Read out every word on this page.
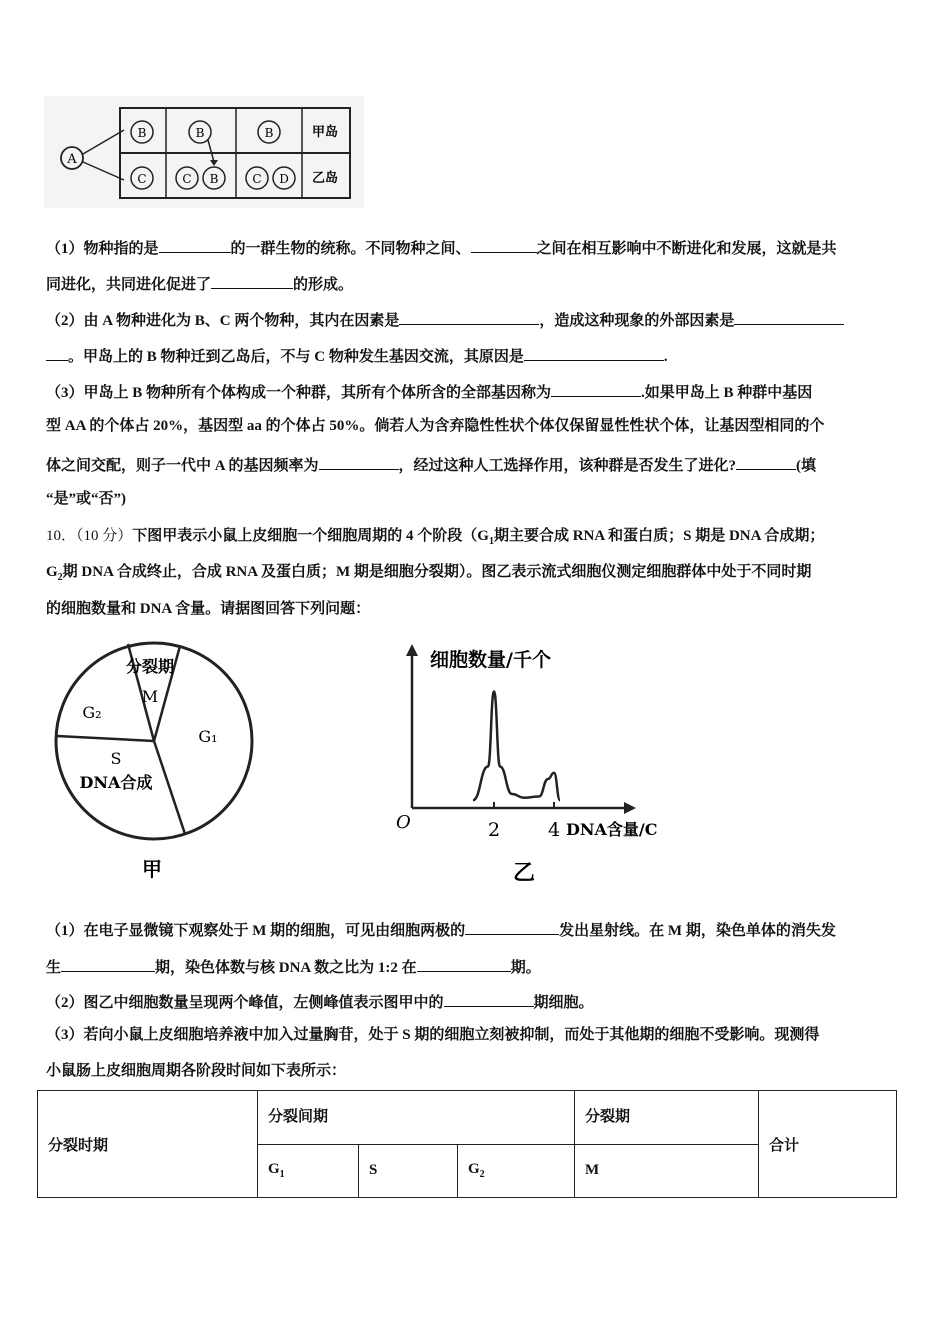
A
B	B	B
C	C B	C D
甲岛
乙岛
（1）物种指的是	的一群生物的统称。不同物种之间、	之间在相互影响中不断进化和发展，这就是共
同进化，共同进化促进了	的形成。
（2）由 A 物种进化为 B、C 两个物种，其内在因素是	，造成这种现象的外部因素是
。甲岛上的 B 物种迁到乙岛后，不与 C 物种发生基因交流，其原因是	.
（3）甲岛上 B 物种所有个体构成一个种群，其所有个体所含的全部基因称为	.如果甲岛上 B 种群中基因
型 AA 的个体占 20%，基因型 aa 的个体占 50%。倘若人为含弃隐性性状个体仅保留显性性状个体，让基因型相同的个
体之间交配，则子一代中 A 的基因频率为	，经过这种人工选择作用，该种群是否发生了进化?	(填
“是”或“否”)
10．（10 分）下图甲表示小鼠上皮细胞一个细胞周期的 4 个阶段（$G_1$期主要合成 RNA 和蛋白质；S 期是 DNA 合成期；
$G_2$期 DNA 合成终止，合成 RNA 及蛋白质；M 期是细胞分裂期）。图乙表示流式细胞仪测定细胞群体中处于不同时期
的细胞数量和 DNA 含量。请据图回答下列问题：
分裂期
M
G₂
G₁
S
DNA合成
甲
细胞数量/千个
O	2	4 DNA含量/C
乙
（1）在电子显微镜下观察处于 M 期的细胞，可见由细胞两极的	发出星射线。在 M 期，染色单体的消失发
生	期，染色体数与核 DNA 数之比为 1:2 在	期。
（2）图乙中细胞数量呈现两个峰值，左侧峰值表示图甲中的	期细胞。
（3）若向小鼠上皮细胞培养液中加入过量胸苷，处于 S 期的细胞立刻被抑制，而处于其他期的细胞不受影响。现测得
小鼠肠上皮细胞周期各阶段时间如下表所示：
分裂时期	分裂间期			分裂期	合计
	$G_1$	S	$G_2$	M	
